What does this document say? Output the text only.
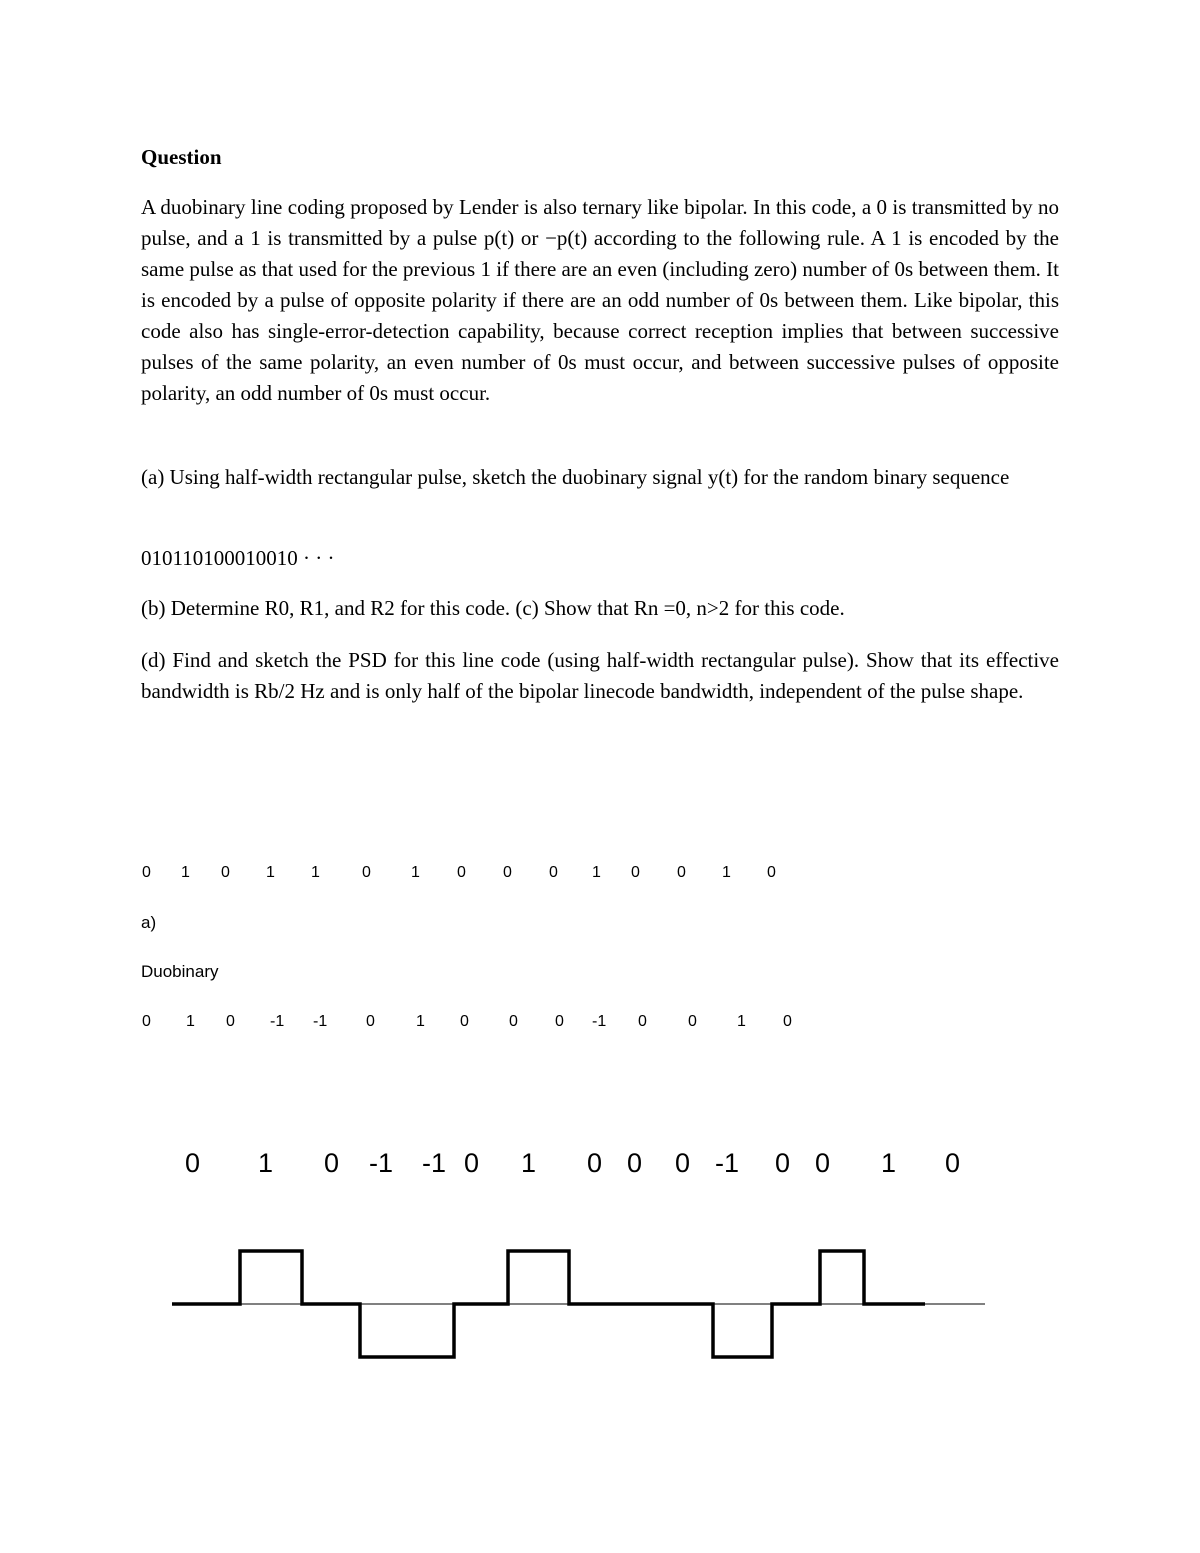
Question

A duobinary line coding proposed by Lender is also ternary like bipolar. In this code, a 0 is transmitted by no pulse, and a 1 is transmitted by a pulse p(t) or −p(t) according to the following rule. A 1 is encoded by the same pulse as that used for the previous 1 if there are an even (including zero) number of 0s between them. It is encoded by a pulse of opposite polarity if there are an odd number of 0s between them. Like bipolar, this code also has single-error-detection capability, because correct reception implies that between successive pulses of the same polarity, an even number of 0s must occur, and between successive pulses of opposite polarity, an odd number of 0s must occur.

(a) Using half-width rectangular pulse, sketch the duobinary signal y(t) for the random binary sequence

010110100010010 · · ·

(b) Determine R0, R1, and R2 for this code. (c) Show that Rn =0, n>2 for this code.

(d) Find and sketch the PSD for this line code (using half-width rectangular pulse). Show that its effective bandwidth is Rb/2 Hz and is only half of the bipolar linecode bandwidth, independent of the pulse shape.

0 1 0 1 1	0	1 0 0 0 1 0 0 1 0
a)
Duobinary
0 1 0 -1 -1 0	1 0	0 0 -1 0	0	1 0
0 1 0 -1 -1 0 1 0 0 0 -1 0 0 1 0
